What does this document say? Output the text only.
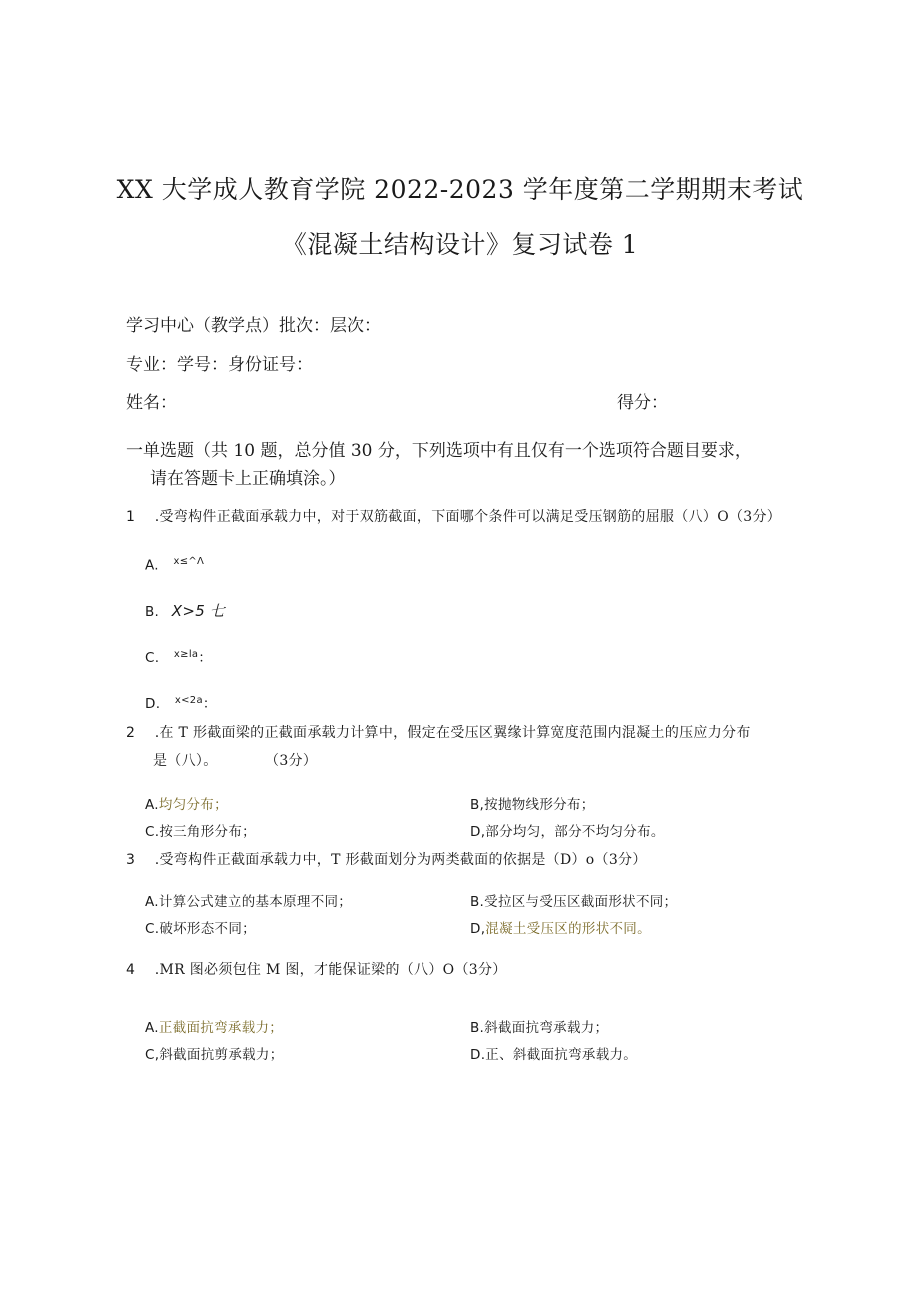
XX 大学成人教育学院 2022-2023 学年度第二学期期末考试
《混凝土结构设计》复习试卷 1
学习中心（教学点）批次：层次：
专业：学号：身份证号：
姓名：	得分：
一单选题（共 10 题，总分值 30 分，下列选项中有且仅有一个选项符合题目要求，
请在答题卡上正确填涂。）
1 .受弯构件正截面承载力中，对于双筋截面，下面哪个条件可以满足受压钢筋的屈服（八）O（3分）
A. $^{x\le\^{}\Lambda}$
B. X>5 七
C. $^{x\ge la}$：
D. $^{x<2a}$：
2 .在 T 形截面梁的正截面承载力计算中，假定在受压区翼缘计算宽度范围内混凝土的压应力分布
是（八）。	（3分）
A.均匀分布；	B,按抛物线形分布；
C.按三角形分布；	D,部分均匀，部分不均匀分布。
3 .受弯构件正截面承载力中，T 形截面划分为两类截面的依据是（D）o（3分）
A.计算公式建立的基本原理不同；	B.受拉区与受压区截面形状不同；
C.破坏形态不同；	D,混凝土受压区的形状不同。
4 .MR 图必须包住 M 图，才能保证梁的（八）O（3分）
A.正截面抗弯承载力；	B.斜截面抗弯承载力；
C,斜截面抗剪承载力；	D.正、斜截面抗弯承载力。
